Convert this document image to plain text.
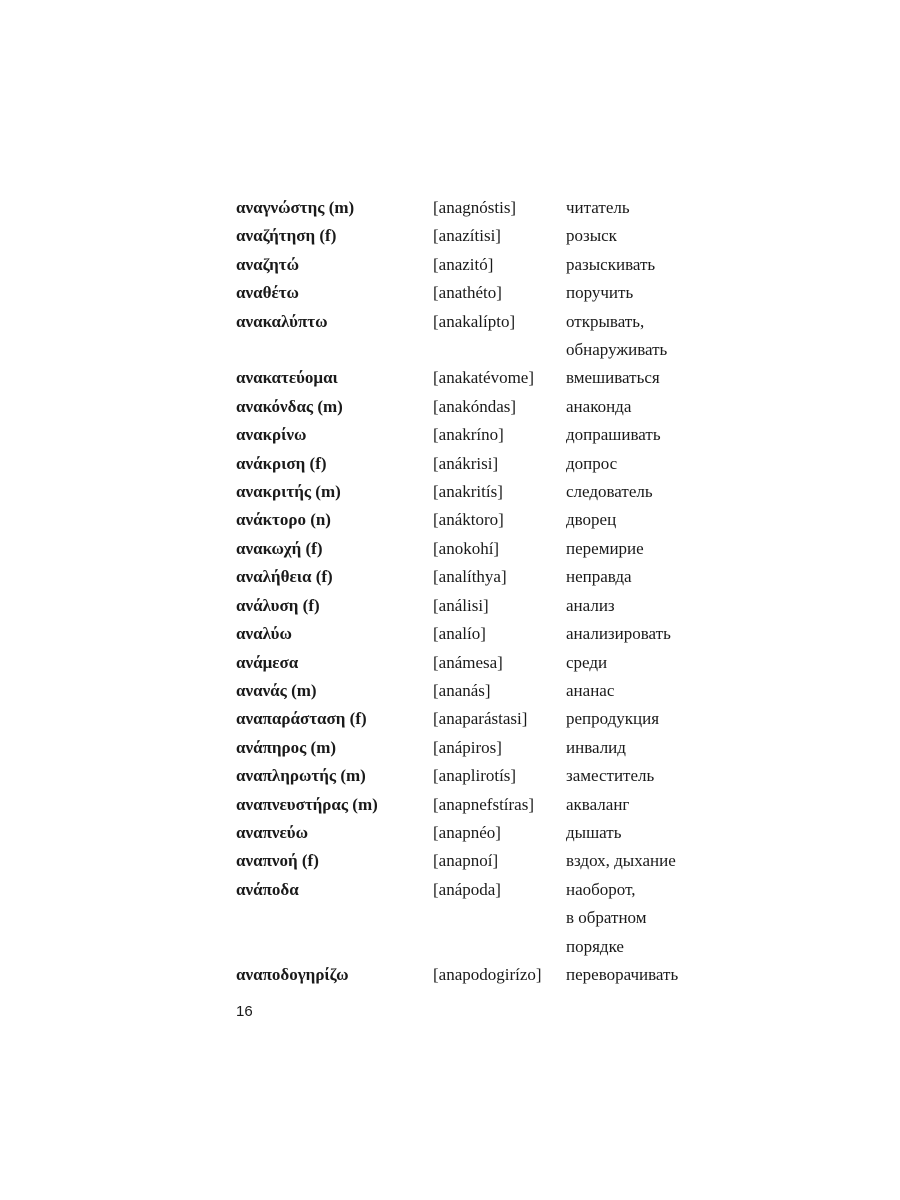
αναγνώστης (m)	[anagnóstis]	читатель
αναζήτηση (f)	[anazítisi]	розыск
αναζητώ	[anazitó]	разыскивать
αναθέτω	[anathéto]	поручить
ανακαλύπτω	[anakalípto]	открывать,
обнаруживать
ανακατεύομαι	[anakatévome]	вмешиваться
ανακόνδας (m)	[anakóndas]	анаконда
ανακρίνω	[anakríno]	допрашивать
ανάκριση (f)	[anákrisi]	допрос
ανακριτής (m)	[anakritís]	следователь
ανάκτορο (n)	[anáktoro]	дворец
ανακωχή (f)	[anokohí]	перемирие
αναλήθεια (f)	[analíthya]	неправда
ανάλυση (f)	[análisi]	анализ
αναλύω	[analío]	анализировать
ανάμεσα	[anámesa]	среди
ανανάς (m)	[ananás]	ананас
αναπαράσταση (f)	[anaparástasi]	репродукция
ανάπηρος (m)	[anápiros]	инвалид
αναπληρωτής (m)	[anaplirotís]	заместитель
αναπνευστήρας (m)	[anapnefstíras]	акваланг
αναπνεύω	[anapnéo]	дышать
αναπνοή (f)	[anapnoí]	вздох, дыхание
ανάποδα	[anápoda]	наоборот,
в обратном
порядке
αναποδογηρίζω	[anapodogirízo]	переворачивать
16
